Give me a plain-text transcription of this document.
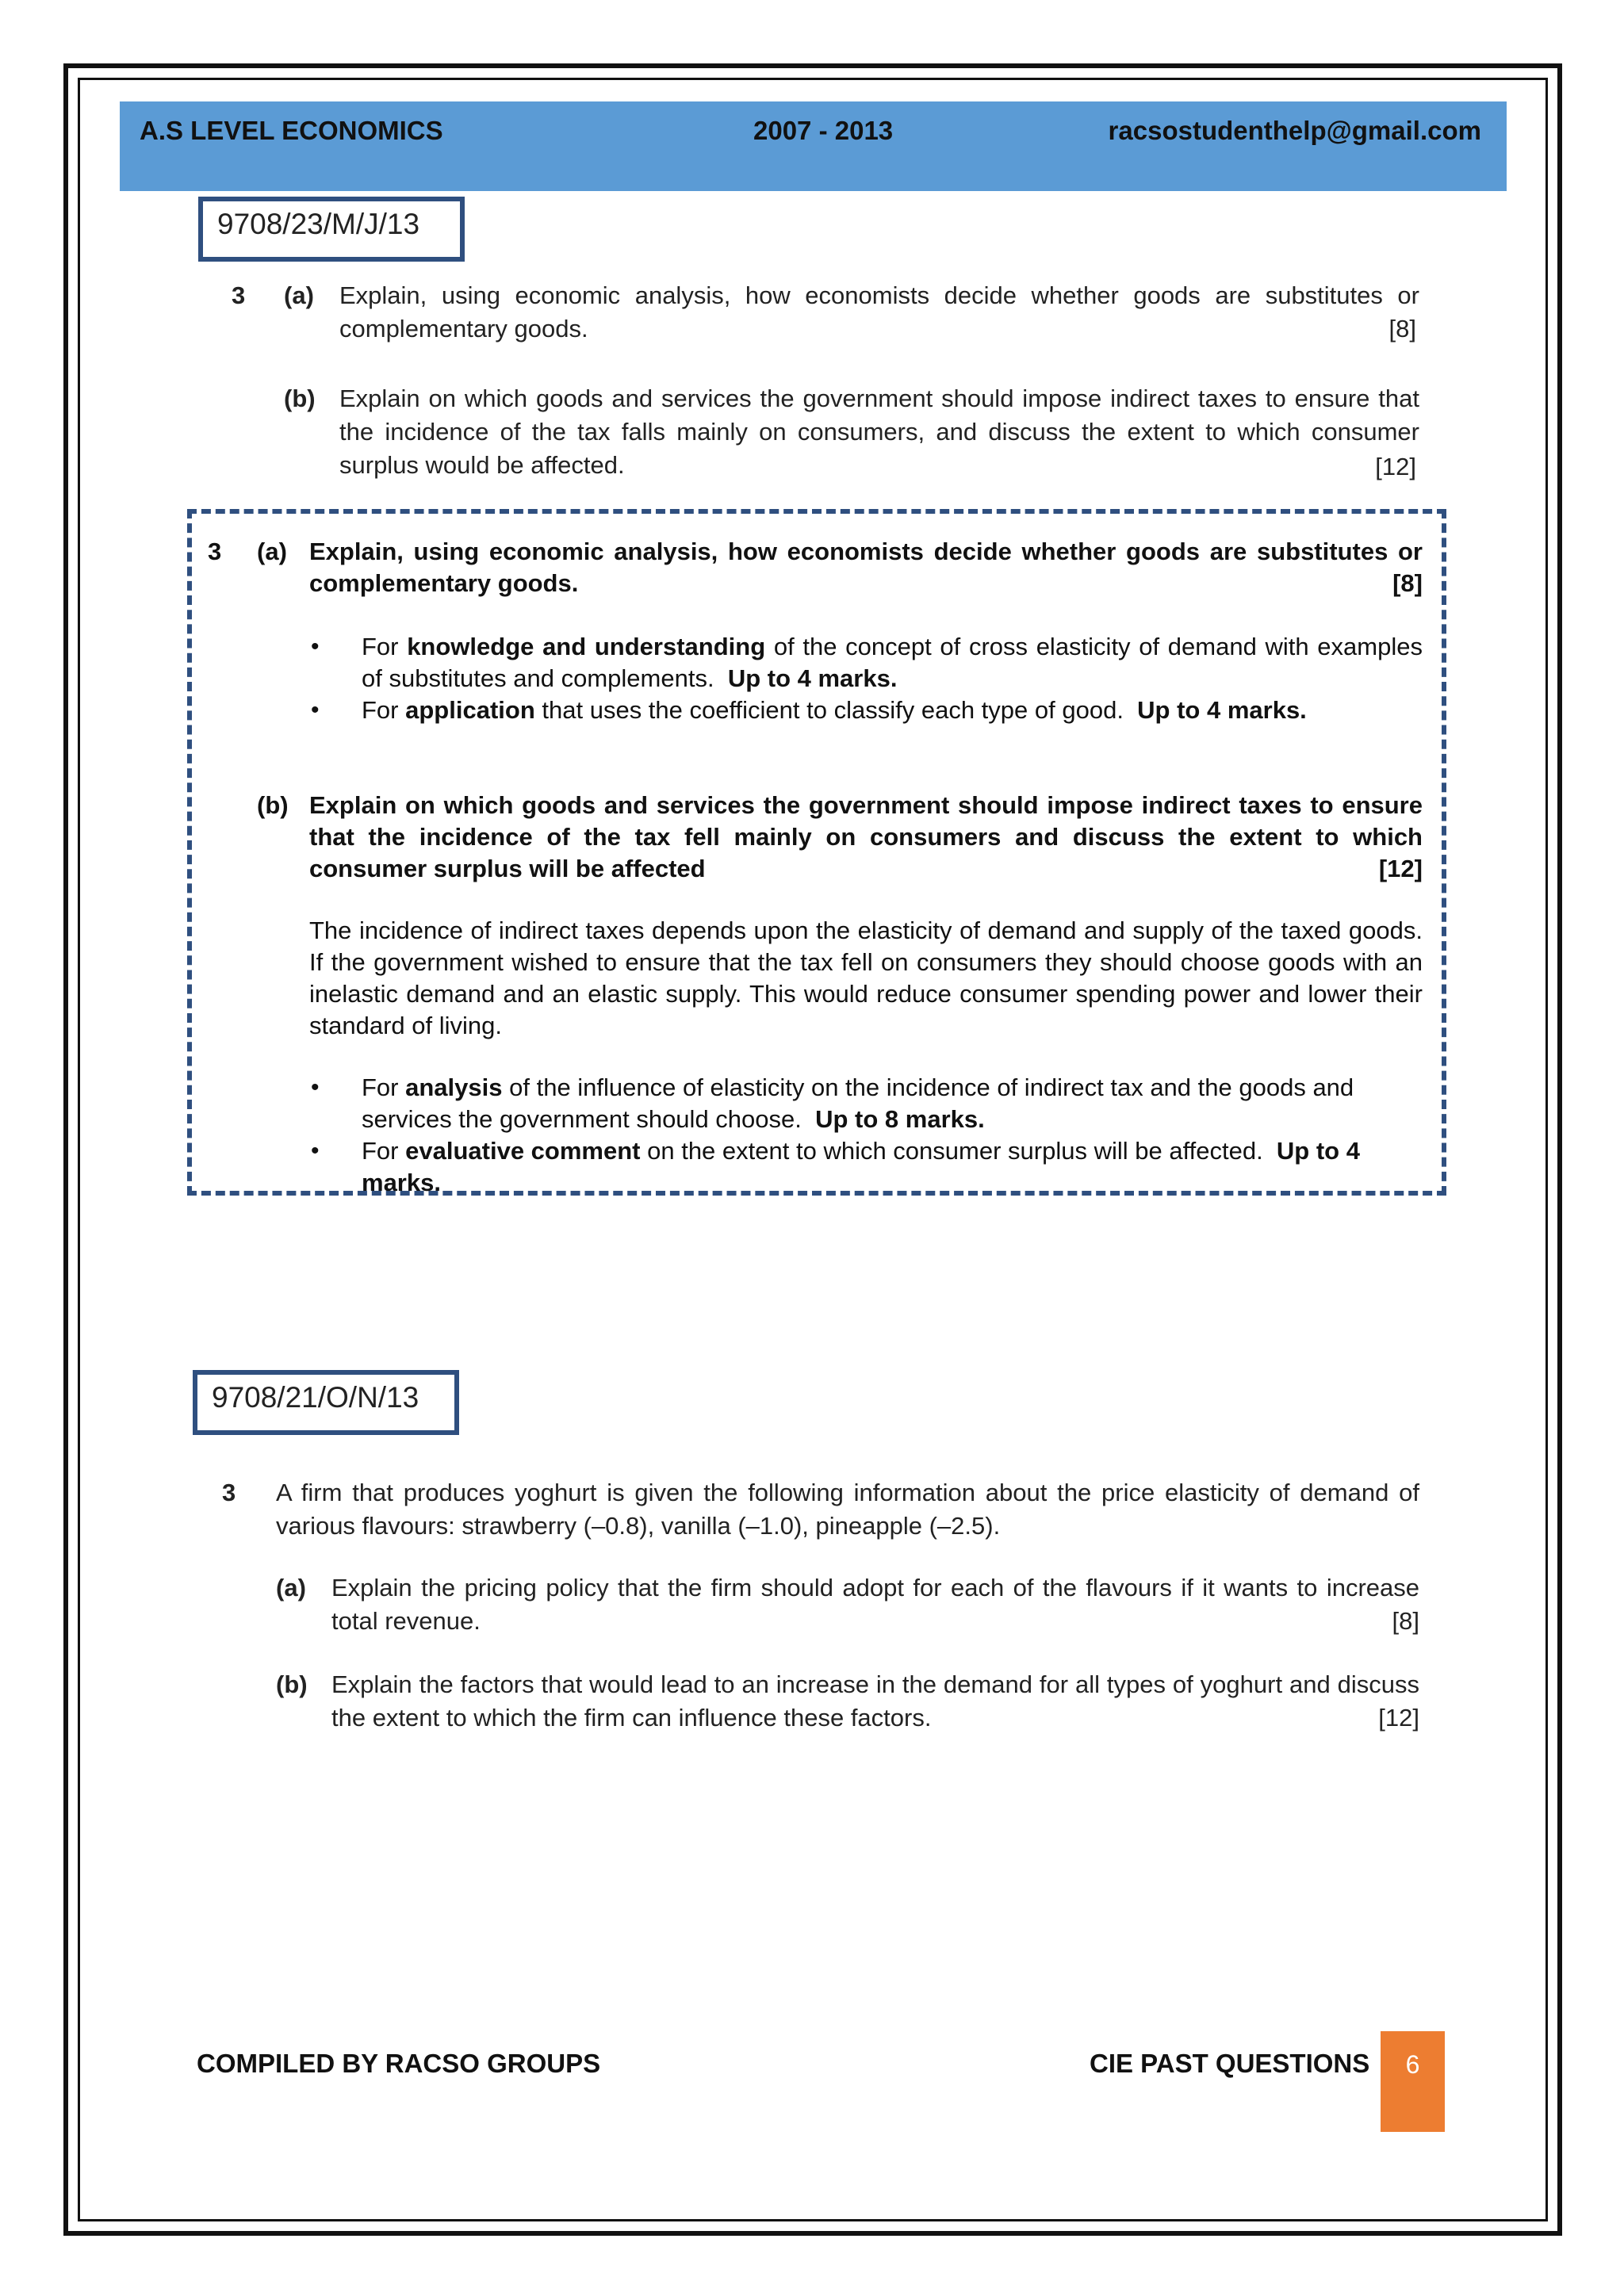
A.S LEVEL ECONOMICS	2007 - 2013	racsostudenthelp@gmail.com
9708/23/M/J/13
3 (a) Explain, using economic analysis, how economists decide whether goods are substitutes or complementary goods.	[8]
(b) Explain on which goods and services the government should impose indirect taxes to ensure that the incidence of the tax falls mainly on consumers, and discuss the extent to which consumer surplus would be affected.	[12]
3 (a) Explain, using economic analysis, how economists decide whether goods are substitutes or complementary goods.	[8]
• For knowledge and understanding of the concept of cross elasticity of demand with examples of substitutes and complements. Up to 4 marks.
• For application that uses the coefficient to classify each type of good. Up to 4 marks.
(b) Explain on which goods and services the government should impose indirect taxes to ensure that the incidence of the tax fell mainly on consumers and discuss the extent to which consumer surplus will be affected	[12]
The incidence of indirect taxes depends upon the elasticity of demand and supply of the taxed goods. If the government wished to ensure that the tax fell on consumers they should choose goods with an inelastic demand and an elastic supply. This would reduce consumer spending power and lower their standard of living.
• For analysis of the influence of elasticity on the incidence of indirect tax and the goods and services the government should choose. Up to 8 marks.
• For evaluative comment on the extent to which consumer surplus will be affected. Up to 4 marks.
9708/21/O/N/13
3 A firm that produces yoghurt is given the following information about the price elasticity of demand of various flavours: strawberry (–0.8), vanilla (–1.0), pineapple (–2.5).
(a) Explain the pricing policy that the firm should adopt for each of the flavours if it wants to increase total revenue.	[8]
(b) Explain the factors that would lead to an increase in the demand for all types of yoghurt and discuss the extent to which the firm can influence these factors.	[12]
COMPILED BY RACSO GROUPS	CIE PAST QUESTIONS	6
